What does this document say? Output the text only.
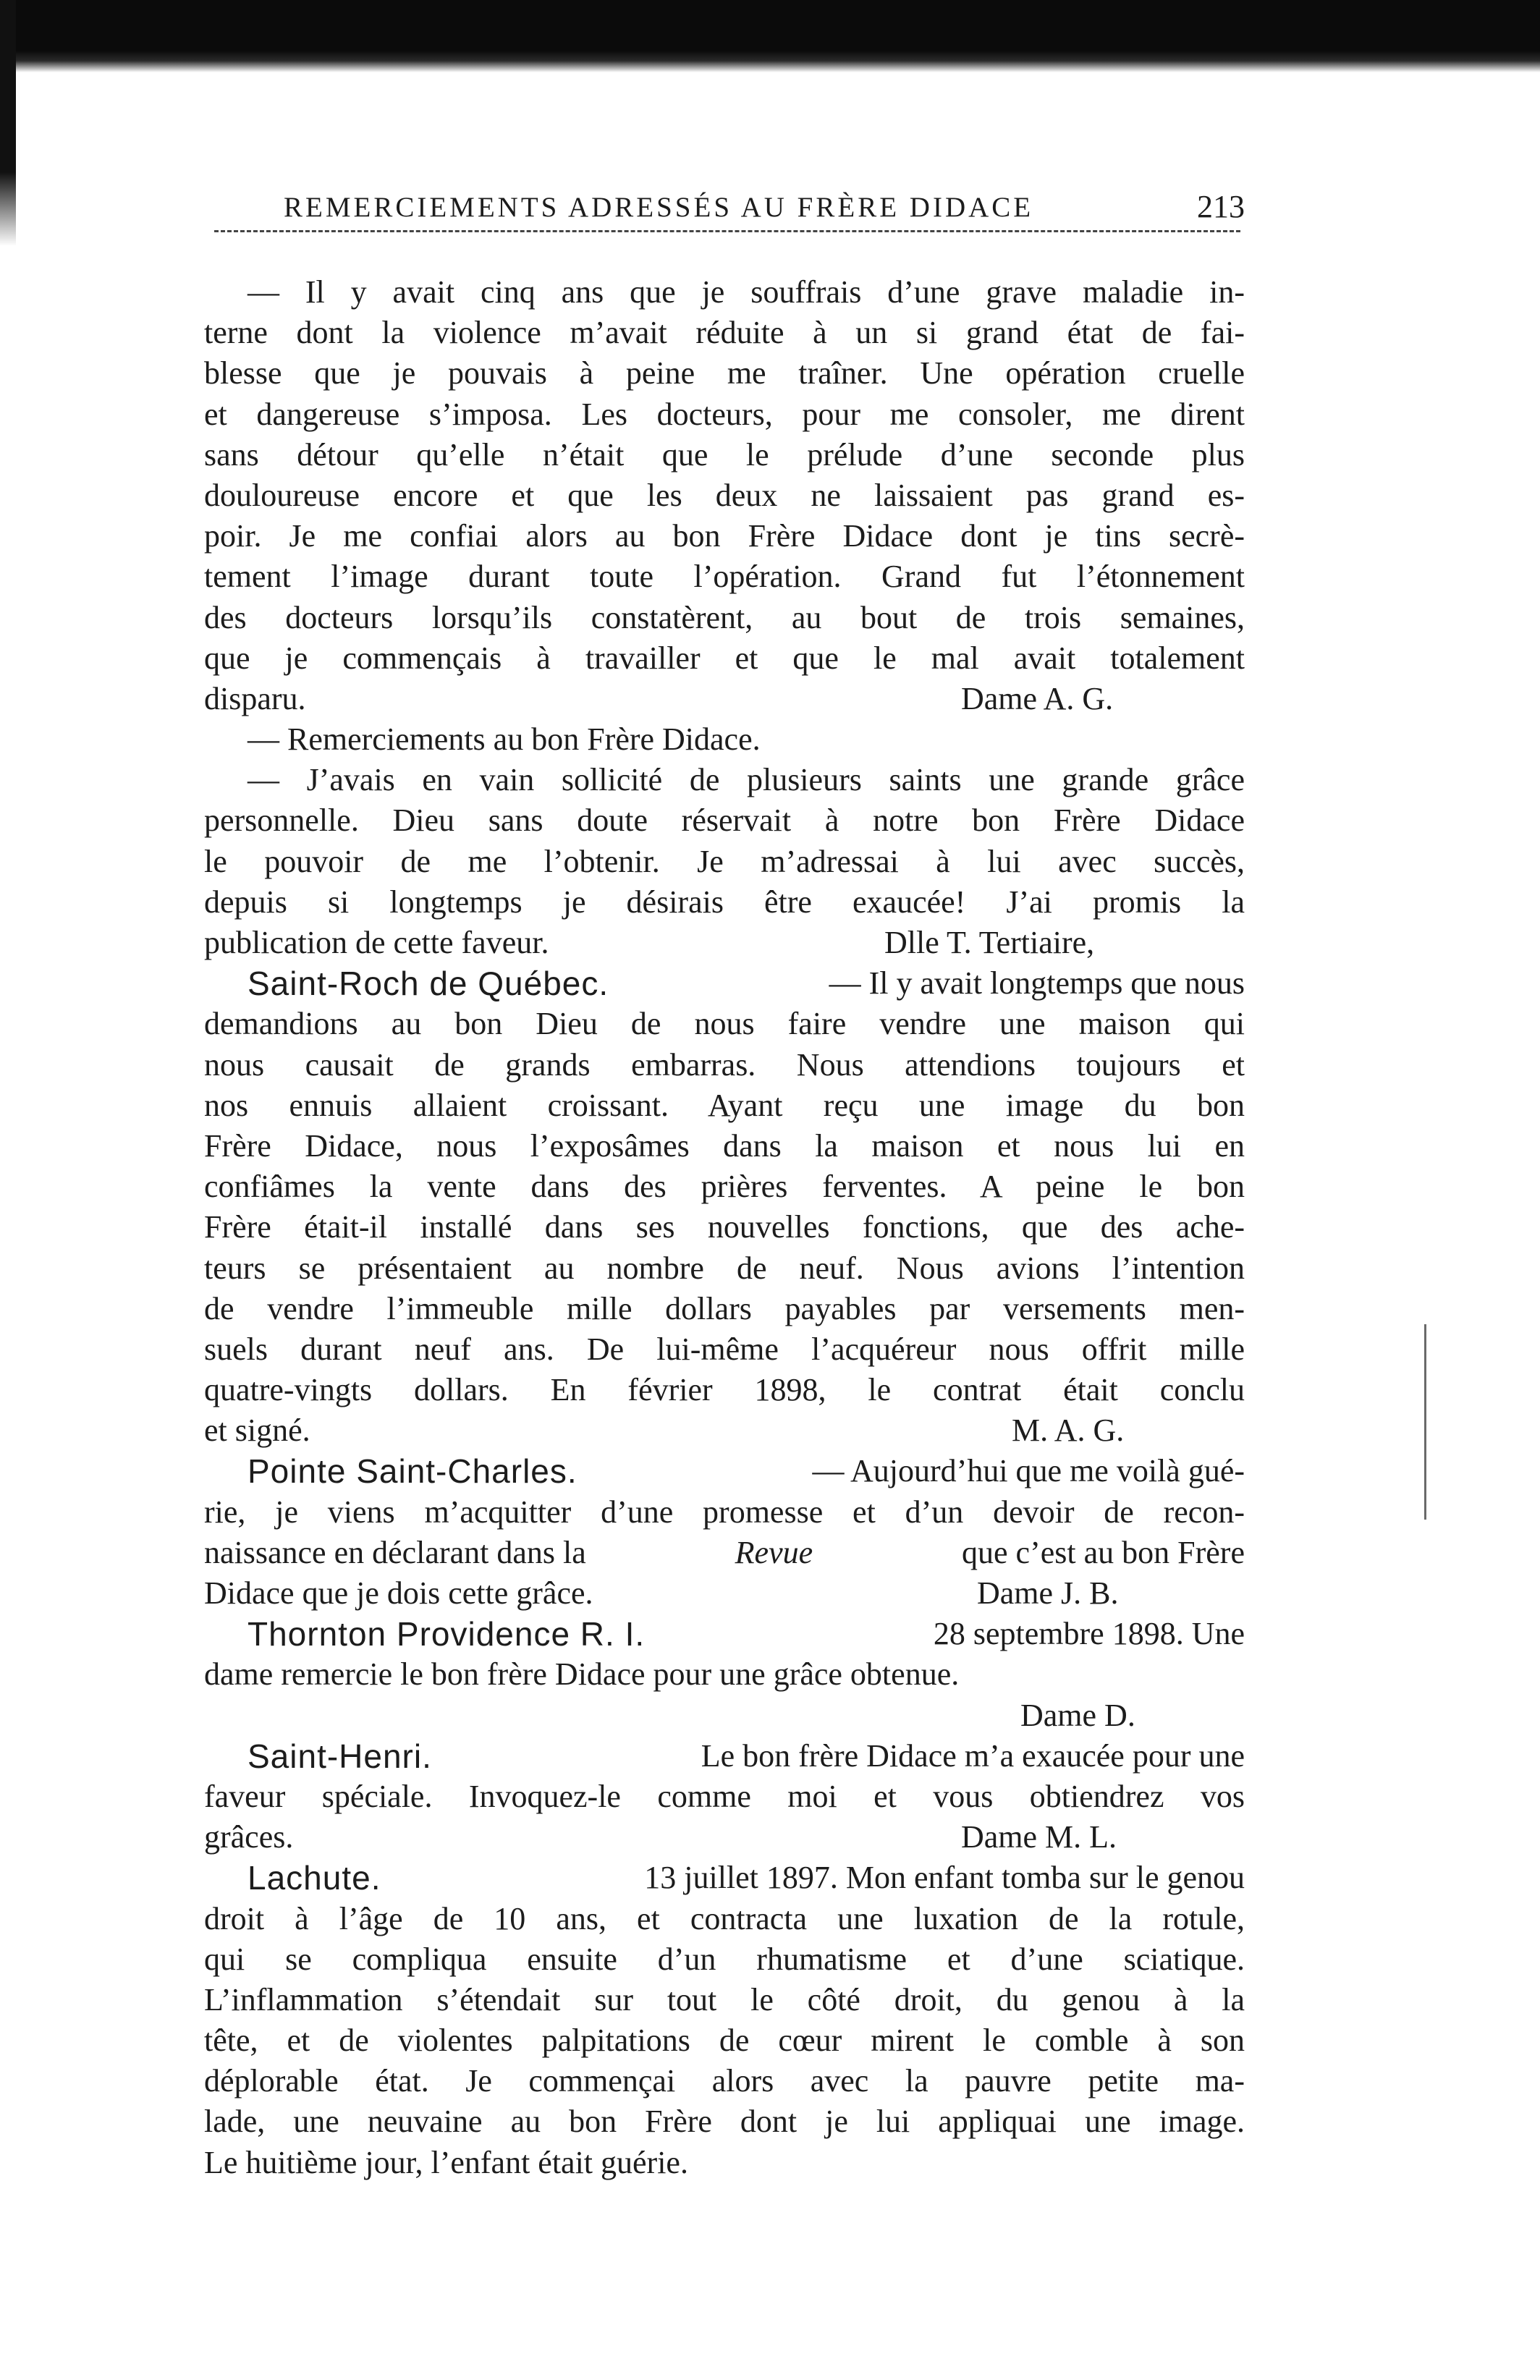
REMERCIEMENTS ADRESSÉS AU FRÈRE DIDACE	213
— Il y avait cinq ans que je souffrais d’une grave maladie in-
terne dont la violence m’avait réduite à un si grand état de fai-
blesse que je pouvais à peine me traîner. Une opération cruelle
et dangereuse s’imposa. Les docteurs, pour me consoler, me dirent
sans détour qu’elle n’était que le prélude d’une seconde plus
douloureuse encore et que les deux ne laissaient pas grand es-
poir. Je me confiai alors au bon Frère Didace dont je tins secrè-
tement l’image durant toute l’opération. Grand fut l’étonnement
des docteurs lorsqu’ils constatèrent, au bout de trois semaines,
que je commençais à travailler et que le mal avait totalement
disparu.	Dame A. G.
— Remerciements au bon Frère Didace.
— J’avais en vain sollicité de plusieurs saints une grande grâce
personnelle. Dieu sans doute réservait à notre bon Frère Didace
le pouvoir de me l’obtenir. Je m’adressai à lui avec succès,
depuis si longtemps je désirais être exaucée! J’ai promis la
publication de cette faveur.	Dlle T. Tertiaire,
Saint-Roch de Québec.	— Il y avait longtemps que nous
demandions au bon Dieu de nous faire vendre une maison qui
nous causait de grands embarras. Nous attendions toujours et
nos ennuis allaient croissant. Ayant reçu une image du bon
Frère Didace, nous l’exposâmes dans la maison et nous lui en
confiâmes la vente dans des prières ferventes. A peine le bon
Frère était-il installé dans ses nouvelles fonctions, que des ache-
teurs se présentaient au nombre de neuf. Nous avions l’intention
de vendre l’immeuble mille dollars payables par versements men-
suels durant neuf ans. De lui-même l’acquéreur nous offrit mille
quatre-vingts dollars. En février 1898, le contrat était conclu
et signé.	M. A. G.
Pointe Saint-Charles.	— Aujourd’hui que me voilà gué-
rie, je viens m’acquitter d’une promesse et d’un devoir de recon-
naissance en déclarant dans la	Revue	que c’est au bon Frère
Didace que je dois cette grâce.	Dame J. B.
Thornton Providence R. I.	28 septembre 1898. Une
dame remercie le bon frère Didace pour une grâce obtenue.
Dame D.
Saint-Henri.	Le bon frère Didace m’a exaucée pour une
faveur spéciale. Invoquez-le comme moi et vous obtiendrez vos
grâces.	Dame M. L.
Lachute.	13 juillet 1897. Mon enfant tomba sur le genou
droit à l’âge de 10 ans, et contracta une luxation de la rotule,
qui se compliqua ensuite d’un rhumatisme et d’une sciatique.
L’inflammation s’étendait sur tout le côté droit, du genou à la
tête, et de violentes palpitations de cœur mirent le comble à son
déplorable état. Je commençai alors avec la pauvre petite ma-
lade, une neuvaine au bon Frère dont je lui appliquai une image.
Le huitième jour, l’enfant était guérie.
